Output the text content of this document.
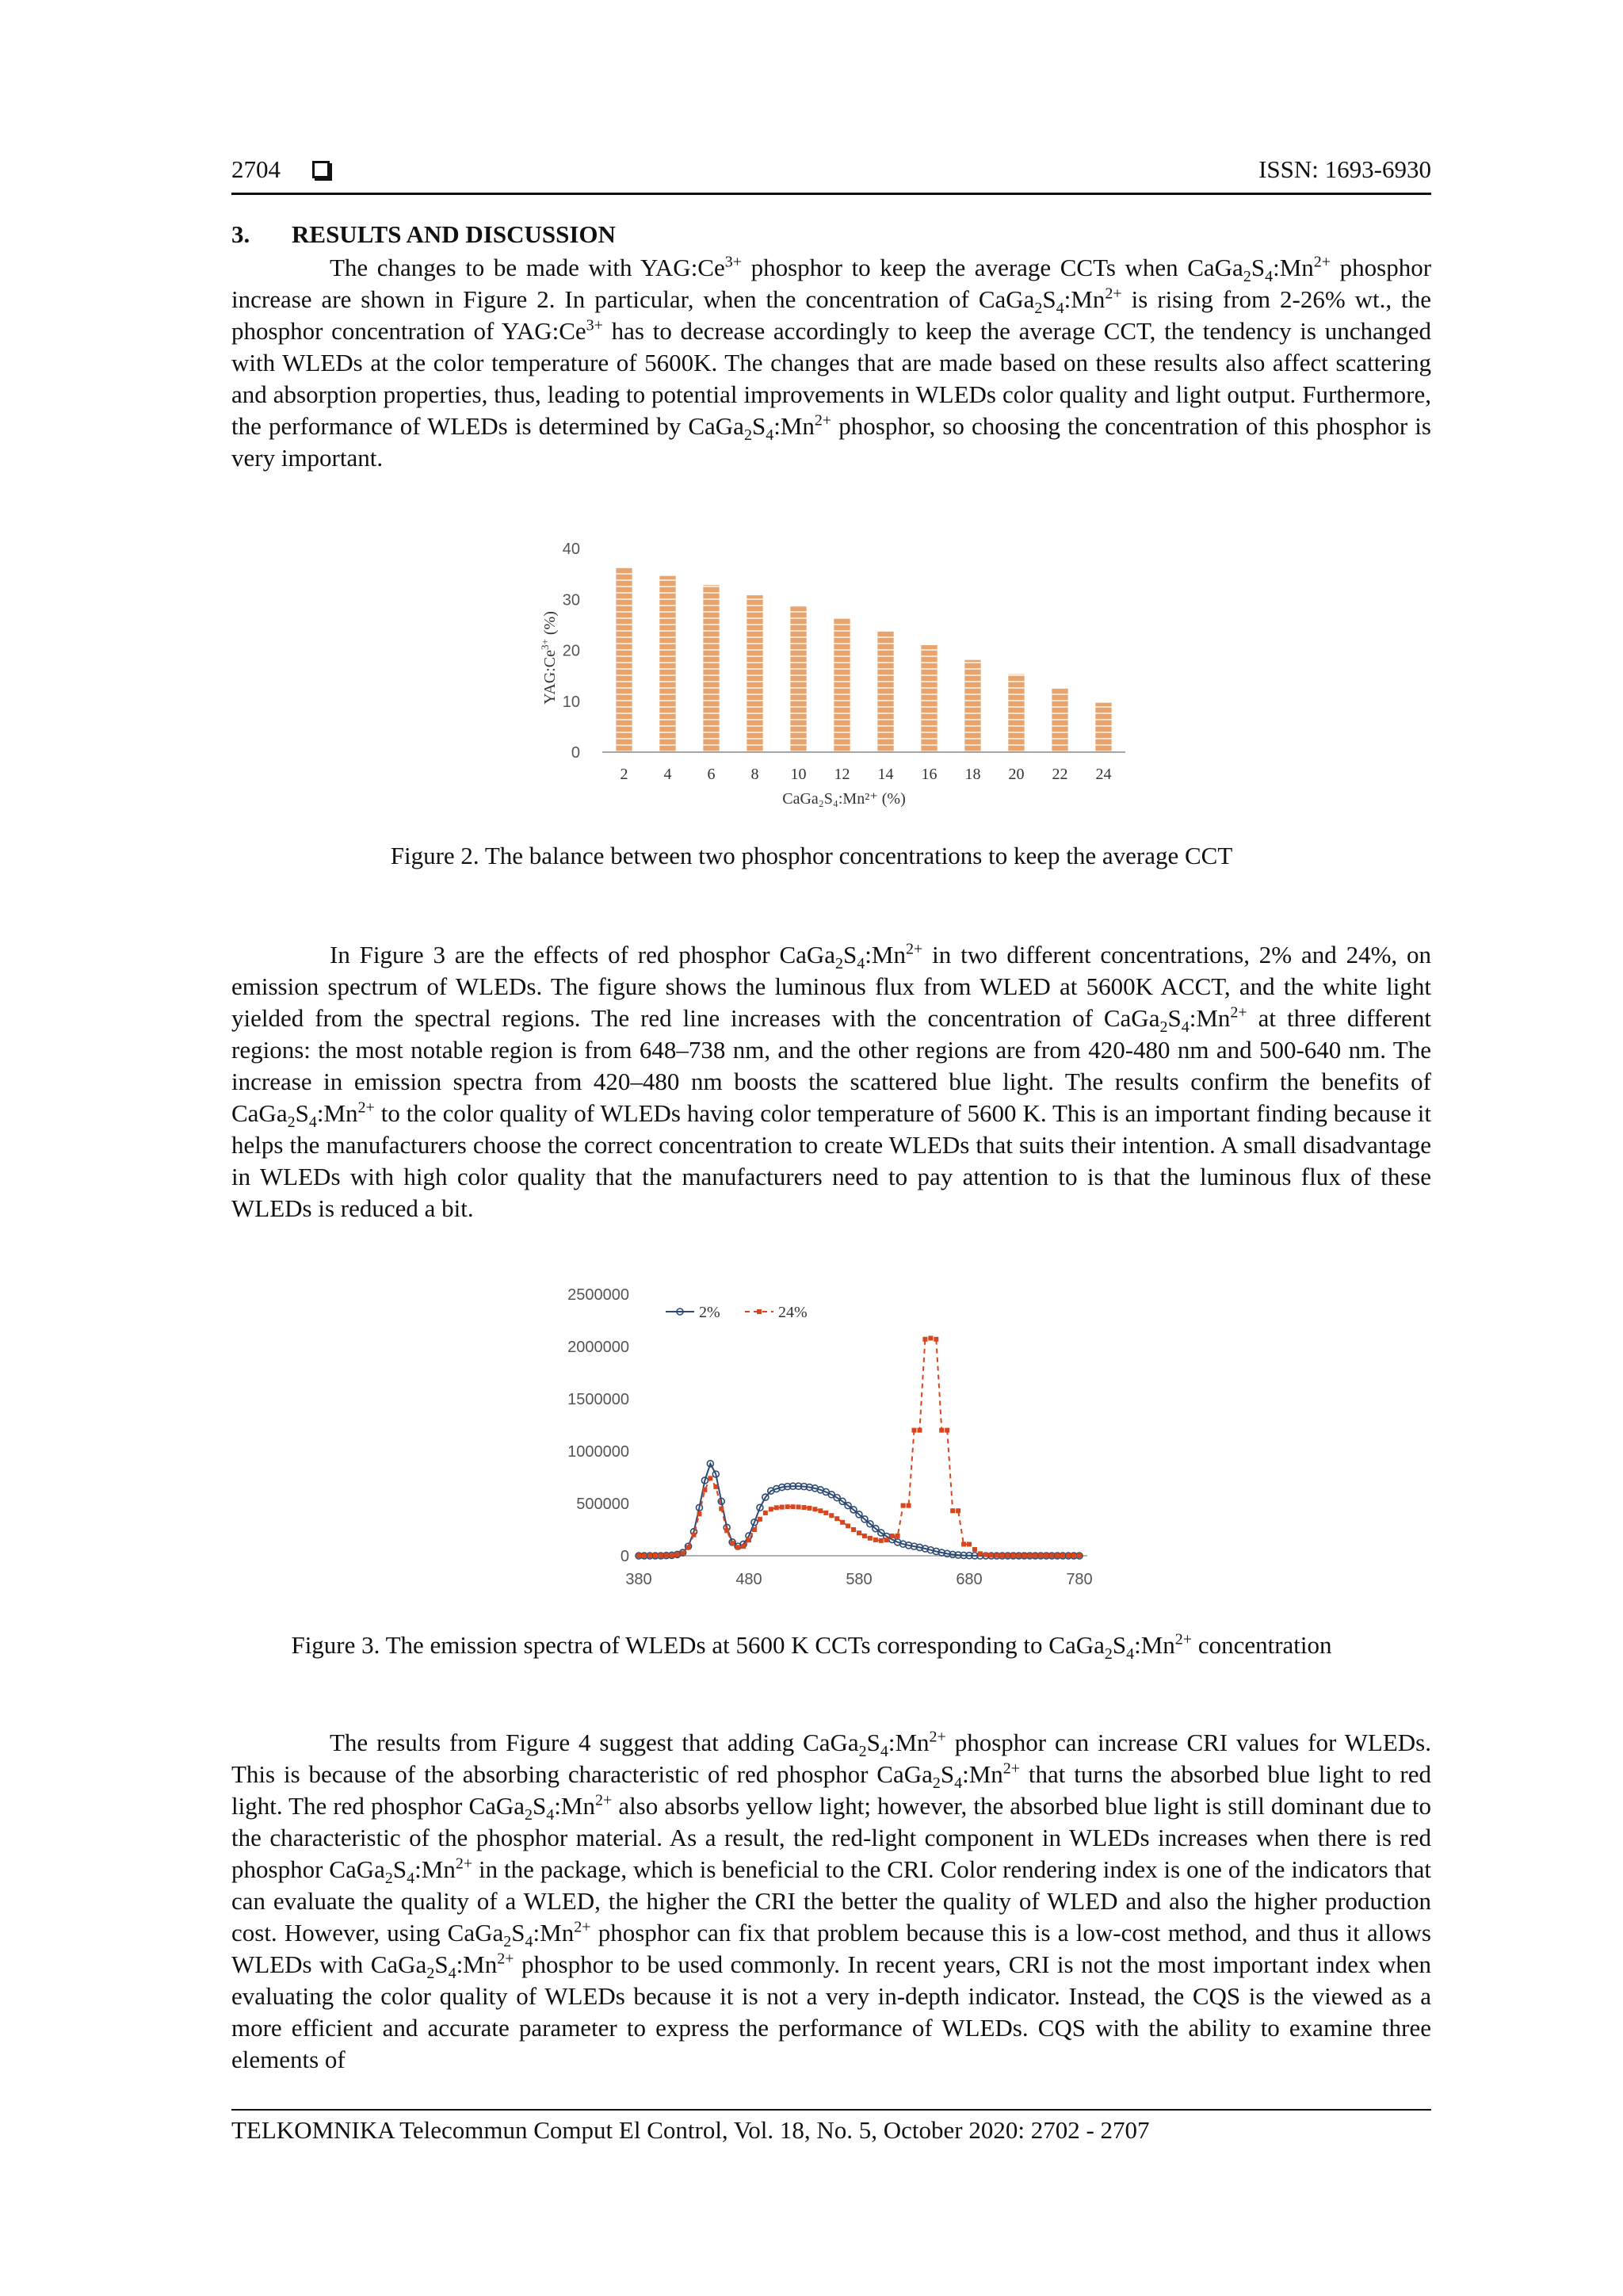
2704	ISSN: 1693-6930
3. RESULTS AND DISCUSSION

The changes to be made with $YAG:Ce^{3+}$ phosphor to keep the average CCTs when $CaGa_2S_4:Mn^{2+}$ phosphor increase are shown in Figure 2. In particular, when the concentration of $CaGa_2S_4:Mn^{2+}$ is rising from 2-26% wt., the phosphor concentration of $YAG:Ce^{3+}$ has to decrease accordingly to keep the average CCT, the tendency is unchanged with WLEDs at the color temperature of 5600K. The changes that are made based on these results also affect scattering and absorption properties, thus, leading to potential improvements in WLEDs color quality and light output. Furthermore, the performance of WLEDs is determined by $CaGa_2S_4:Mn^{2+}$ phosphor, so choosing the concentration of this phosphor is very important.

0
10
20
30
40
2 4 6 8 10 12 14 16 18 20 22 24
$YAG:Ce^{3+}$ (%)
CaGa₂S₄:Mn²⁺ (%)
Figure 2. The balance between two phosphor concentrations to keep the average CCT

In Figure 3 are the effects of red phosphor $CaGa_2S_4:Mn^{2+}$ in two different concentrations, 2% and 24%, on emission spectrum of WLEDs. The figure shows the luminous flux from WLED at 5600K ACCT, and the white light yielded from the spectral regions. The red line increases with the concentration of $CaGa_2S_4:Mn^{2+}$ at three different regions: the most notable region is from 648–738 nm, and the other regions are from 420-480 nm and 500-640 nm. The increase in emission spectra from 420–480 nm boosts the scattered blue light. The results confirm the benefits of $CaGa_2S_4:Mn^{2+}$ to the color quality of WLEDs having color temperature of 5600 K. This is an important finding because it helps the manufacturers choose the correct concentration to create WLEDs that suits their intention. A small disadvantage in WLEDs with high color quality that the manufacturers need to pay attention to is that the luminous flux of these WLEDs is reduced a bit.

0
500000
1000000
1500000
2000000
2500000
380	480	580	680	780
2%	24%
Figure 3. The emission spectra of WLEDs at 5600 K CCTs corresponding to $CaGa_2S_4:Mn^{2+}$ concentration

The results from Figure 4 suggest that adding $CaGa_2S_4:Mn^{2+}$ phosphor can increase CRI values for WLEDs. This is because of the absorbing characteristic of red phosphor $CaGa_2S_4:Mn^{2+}$ that turns the absorbed blue light to red light. The red phosphor $CaGa_2S_4:Mn^{2+}$ also absorbs yellow light; however, the absorbed blue light is still dominant due to the characteristic of the phosphor material. As a result, the red-light component in WLEDs increases when there is red phosphor $CaGa_2S_4:Mn^{2+}$ in the package, which is beneficial to the CRI. Color rendering index is one of the indicators that can evaluate the quality of a WLED, the higher the CRI the better the quality of WLED and also the higher production cost. However, using $CaGa_2S_4:Mn^{2+}$ phosphor can fix that problem because this is a low-cost method, and thus it allows WLEDs with $CaGa_2S_4:Mn^{2+}$ phosphor to be used commonly. In recent years, CRI is not the most important index when evaluating the color quality of WLEDs because it is not a very in-depth indicator. Instead, the CQS is the viewed as a more efficient and accurate parameter to express the performance of WLEDs. CQS with the ability to examine three elements of

TELKOMNIKA Telecommun Comput El Control, Vol. 18, No. 5, October 2020: 2702 - 2707
